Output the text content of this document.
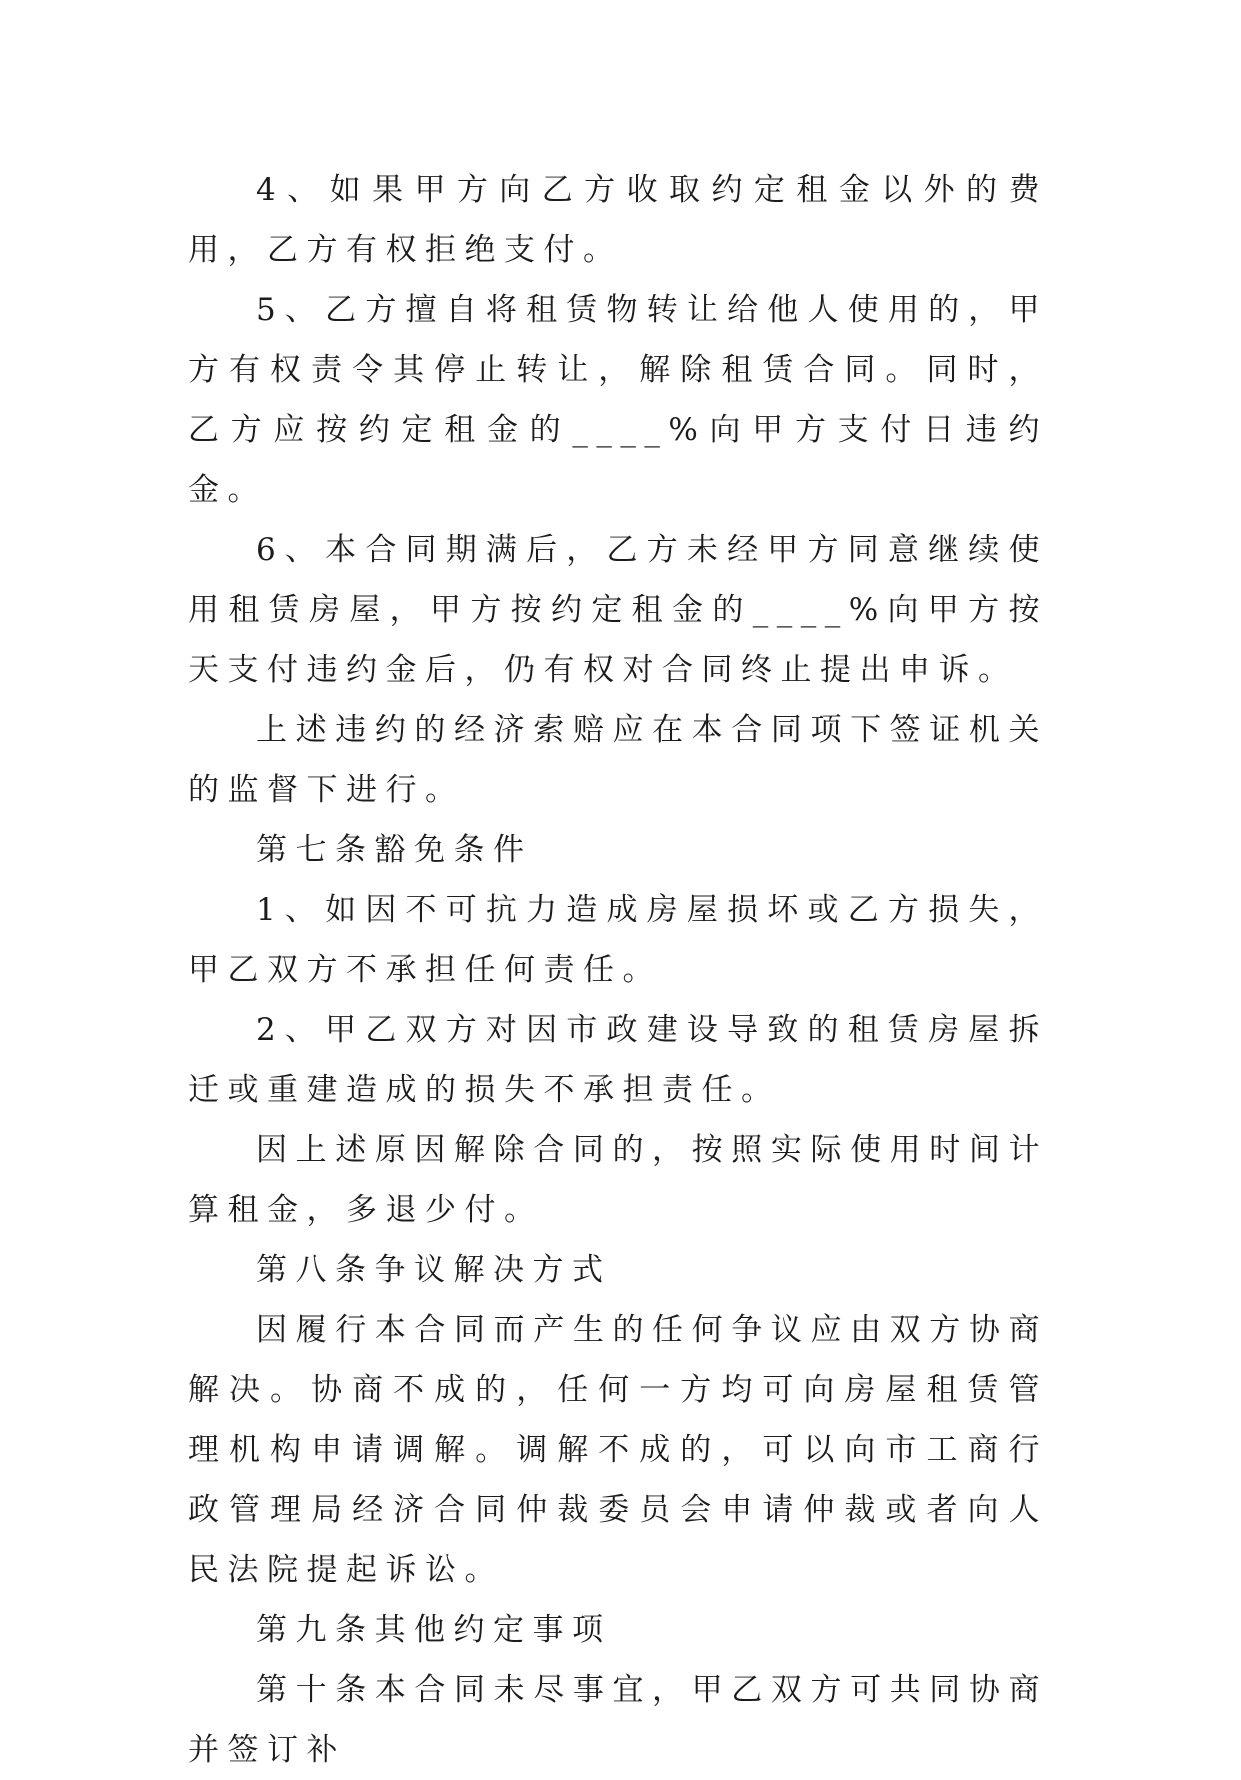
4、如果甲方向乙方收取约定租金以外的费用，乙方有权拒绝支付。

5、乙方擅自将租赁物转让给他人使用的，甲方有权责令其停止转让，解除租赁合同。同时，乙方应按约定租金的____%向甲方支付日违约金。

6、本合同期满后，乙方未经甲方同意继续使用租赁房屋，甲方按约定租金的____%向甲方按天支付违约金后，仍有权对合同终止提出申诉。

上述违约的经济索赔应在本合同项下签证机关的监督下进行。

第七条豁免条件

1、如因不可抗力造成房屋损坏或乙方损失，甲乙双方不承担任何责任。

2、甲乙双方对因市政建设导致的租赁房屋拆迁或重建造成的损失不承担责任。

因上述原因解除合同的，按照实际使用时间计算租金，多退少付。

第八条争议解决方式

因履行本合同而产生的任何争议应由双方协商解决。协商不成的，任何一方均可向房屋租赁管理机构申请调解。调解不成的，可以向市工商行政管理局经济合同仲裁委员会申请仲裁或者向人民法院提起诉讼。

第九条其他约定事项

第十条本合同未尽事宜，甲乙双方可共同协商并签订补
